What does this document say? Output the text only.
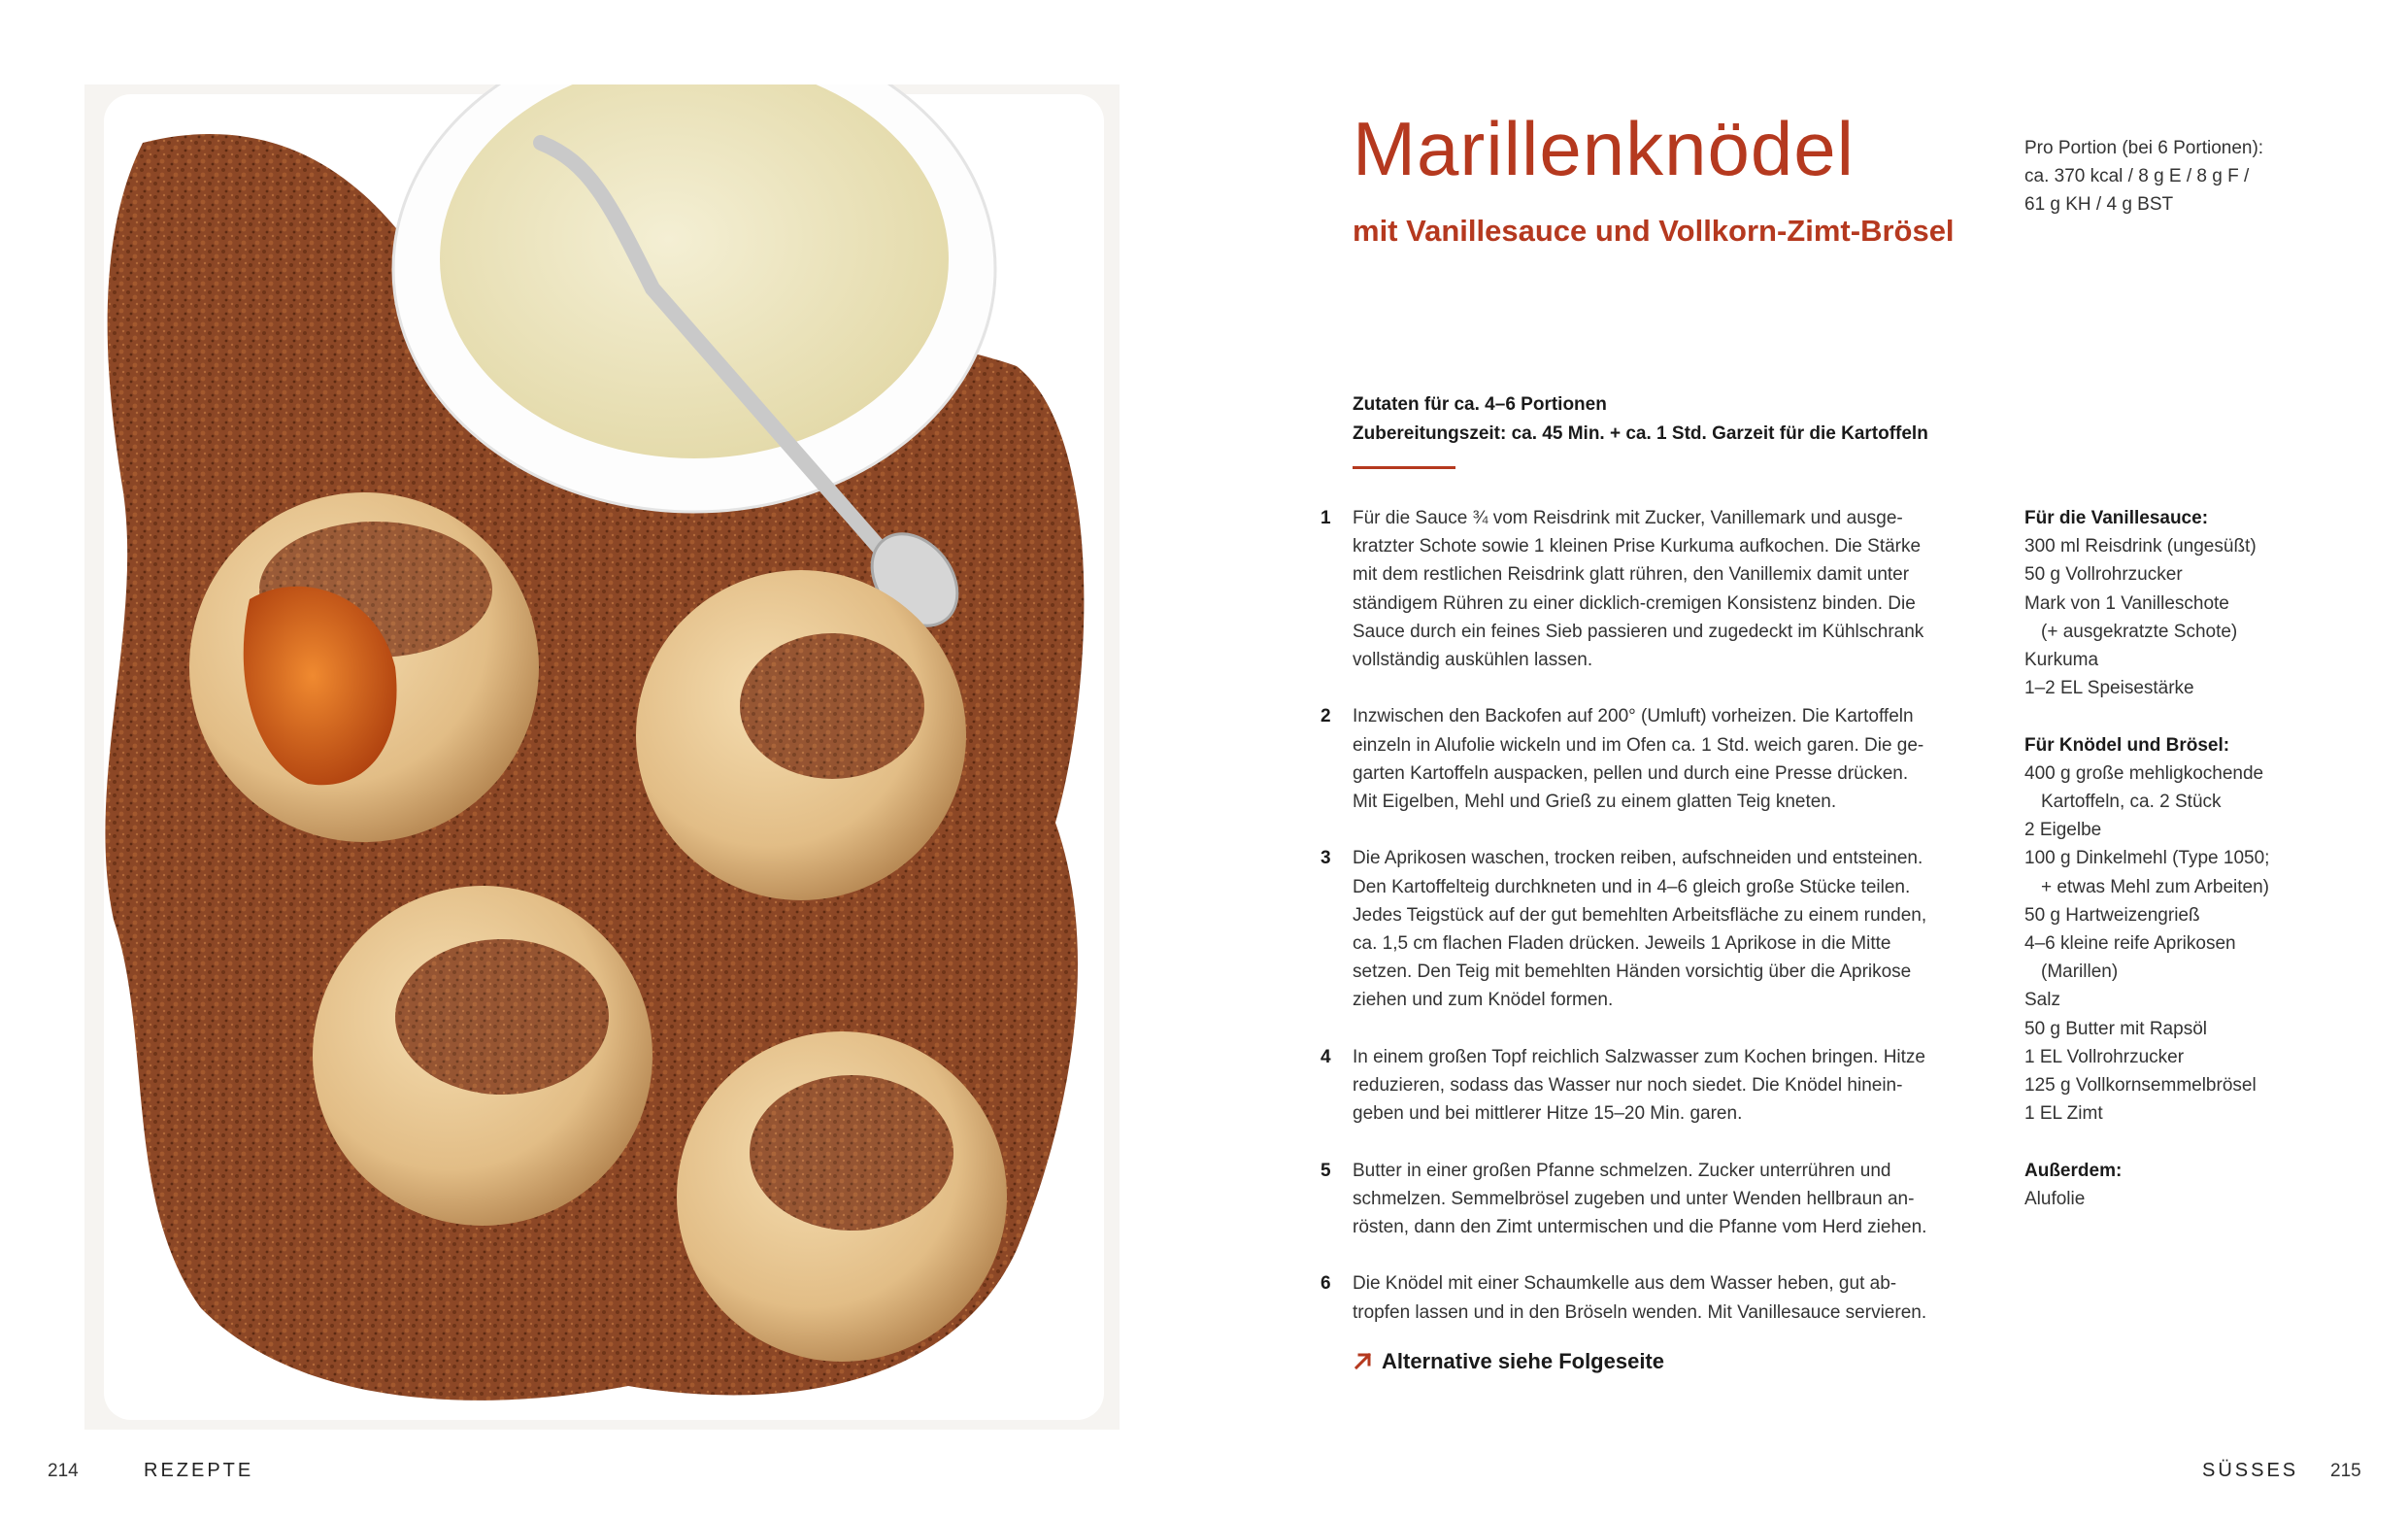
Marillenknödel
mit Vanillesauce und Vollkorn-Zimt-Brösel
Pro Portion (bei 6 Portionen):
ca. 370 kcal / 8 g E / 8 g F /
61 g KH / 4 g BST
Zutaten für ca. 4–6 Portionen
Zubereitungszeit: ca. 45 Min. + ca. 1 Std. Garzeit für die Kartoffeln
1 Für die Sauce ¾ vom Reisdrink mit Zucker, Vanillemark und ausge-
kratzter Schote sowie 1 kleinen Prise Kurkuma aufkochen. Die Stärke
mit dem restlichen Reisdrink glatt rühren, den Vanillemix damit unter
ständigem Rühren zu einer dicklich-cremigen Konsistenz binden. Die
Sauce durch ein feines Sieb passieren und zugedeckt im Kühlschrank
vollständig auskühlen lassen.
2 Inzwischen den Backofen auf 200° (Umluft) vorheizen. Die Kartoffeln
einzeln in Alufolie wickeln und im Ofen ca. 1 Std. weich garen. Die ge-
garten Kartoffeln auspacken, pellen und durch eine Presse drücken.
Mit Eigelben, Mehl und Grieß zu einem glatten Teig kneten.
3 Die Aprikosen waschen, trocken reiben, aufschneiden und entsteinen.
Den Kartoffelteig durchkneten und in 4–6 gleich große Stücke teilen.
Jedes Teigstück auf der gut bemehlten Arbeitsfläche zu einem runden,
ca. 1,5 cm flachen Fladen drücken. Jeweils 1 Aprikose in die Mitte
setzen. Den Teig mit bemehlten Händen vorsichtig über die Aprikose
ziehen und zum Knödel formen.
4 In einem großen Topf reichlich Salzwasser zum Kochen bringen. Hitze
reduzieren, sodass das Wasser nur noch siedet. Die Knödel hinein-
geben und bei mittlerer Hitze 15–20 Min. garen.
5 Butter in einer großen Pfanne schmelzen. Zucker unterrühren und
schmelzen. Semmelbrösel zugeben und unter Wenden hellbraun an-
rösten, dann den Zimt untermischen und die Pfanne vom Herd ziehen.
6 Die Knödel mit einer Schaumkelle aus dem Wasser heben, gut ab-
tropfen lassen und in den Bröseln wenden. Mit Vanillesauce servieren.
Alternative siehe Folgeseite
Für die Vanillesauce:
300 ml Reisdrink (ungesüßt)
50 g Vollrohrzucker
Mark von 1 Vanilleschote
(+ ausgekratzte Schote)
Kurkuma
1–2 EL Speisestärke
Für Knödel und Brösel:
400 g große mehligkochende
Kartoffeln, ca. 2 Stück
2 Eigelbe
100 g Dinkelmehl (Type 1050;
+ etwas Mehl zum Arbeiten)
50 g Hartweizengrieß
4–6 kleine reife Aprikosen
(Marillen)
Salz
50 g Butter mit Rapsöl
1 EL Vollrohrzucker
125 g Vollkornsemmelbrösel
1 EL Zimt
Außerdem:
Alufolie
214	REZEPTE	SÜSSES 215
